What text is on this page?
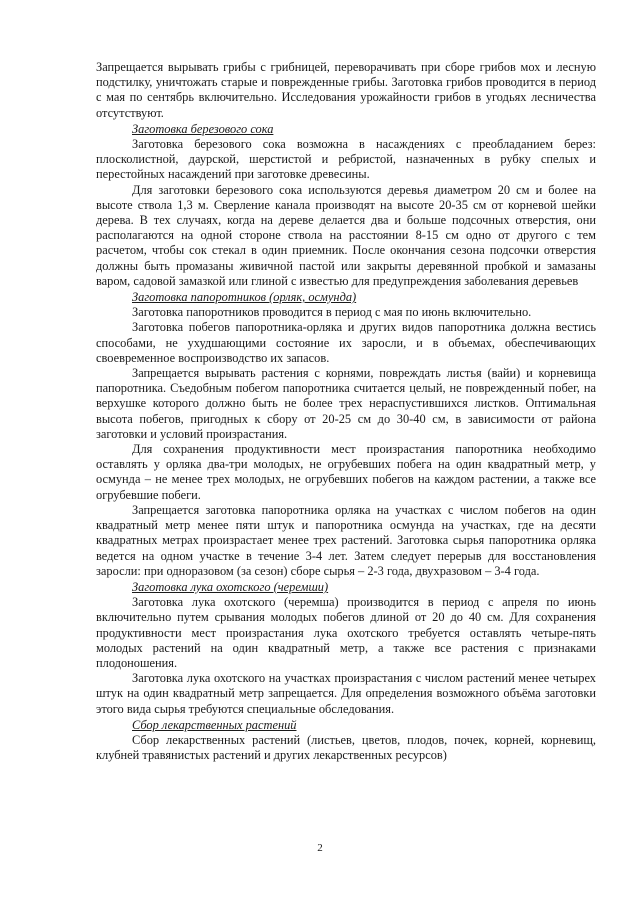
Запрещается вырывать грибы с грибницей, переворачивать при сборе грибов мох и лесную подстилку, уничтожать старые и поврежденные грибы. Заготовка грибов проводится в период с мая по сентябрь включительно. Исследования урожайности грибов в угодьях лесничества отсутствуют.

Заготовка березового сока

Заготовка березового сока возможна в насаждениях с преобладанием берез: плосколистной, даурской, шерстистой и ребристой, назначенных в рубку спелых и перестойных насаждений при заготовке древесины.

Для заготовки березового сока используются деревья диаметром 20 см и более на высоте ствола 1,3 м. Сверление канала производят на высоте 20-35 см от корневой шейки дерева. В тех случаях, когда на дереве делается два и больше подсочных отверстия, они располагаются на одной стороне ствола на расстоянии 8-15 см одно от другого с тем расчетом, чтобы сок стекал в один приемник. После окончания сезона подсочки отверстия должны быть промазаны живичной пастой или закрыты деревянной пробкой и замазаны варом, садовой замазкой или глиной с известью для предупреждения заболевания деревьев

Заготовка папоротников (орляк, осмунда)

Заготовка папоротников проводится в период с мая по июнь включительно.

Заготовка побегов папоротника-орляка и других видов папоротника должна вестись способами, не ухудшающими состояние их заросли, и в объемах, обеспечивающих своевременное воспроизводство их запасов.

Запрещается вырывать растения с корнями, повреждать листья (вайи) и корневища папоротника. Съедобным побегом папоротника считается целый, не поврежденный побег, на верхушке которого должно быть не более трех нераспустившихся листков. Оптимальная высота побегов, пригодных к сбору от 20-25 см до 30-40 см, в зависимости от района заготовки и условий произрастания.

Для сохранения продуктивности мест произрастания папоротника необходимо оставлять у орляка два-три молодых, не огрубевших побега на один квадратный метр, у осмунда – не менее трех молодых, не огрубевших побегов на каждом растении, а также все огрубевшие побеги.

Запрещается заготовка папоротника орляка на участках с числом побегов на один квадратный метр менее пяти штук и папоротника осмунда на участках, где на десяти квадратных метрах произрастает менее трех растений. Заготовка сырья папоротника орляка ведется на одном участке в течение 3-4 лет. Затем следует перерыв для восстановления заросли: при одноразовом (за сезон) сборе сырья – 2-3 года, двухразовом – 3-4 года.

Заготовка лука охотского (черемши)

Заготовка лука охотского (черемша) производится в период с апреля по июнь включительно путем срывания молодых побегов длиной от 20 до 40 см. Для сохранения продуктивности мест произрастания лука охотского требуется оставлять четыре-пять молодых растений на один квадратный метр, а также все растения с признаками плодоношения.

Заготовка лука охотского на участках произрастания с числом растений менее четырех штук на один квадратный метр запрещается. Для определения возможного объёма заготовки этого вида сырья требуются специальные обследования.

Сбор лекарственных растений

Сбор лекарственных растений (листьев, цветов, плодов, почек, корней, корневищ, клубней травянистых растений и других лекарственных ресурсов)

2
